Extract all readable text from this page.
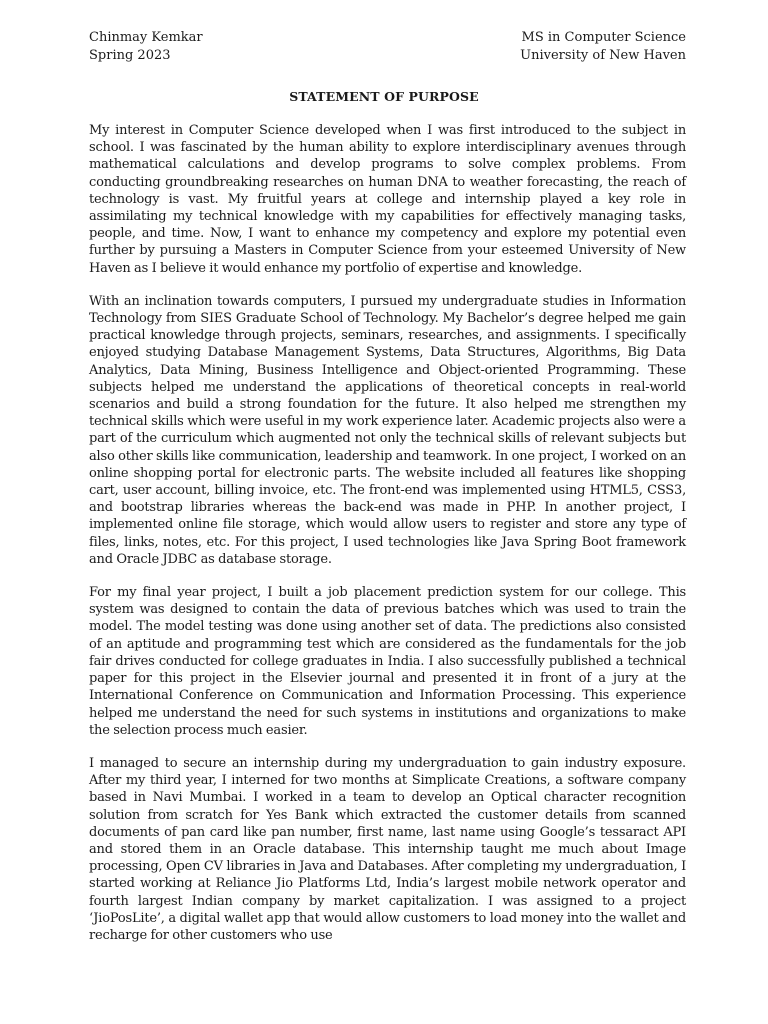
Chinmay Kemkar
Spring 2023
MS in Computer Science
University of New Haven
STATEMENT OF PURPOSE

My interest in Computer Science developed when I was first introduced to the subject in school. I was fascinated by the human ability to explore interdisciplinary avenues through mathematical calculations and develop programs to solve complex problems. From conducting groundbreaking researches on human DNA to weather forecasting, the reach of technology is vast. My fruitful years at college and internship played a key role in assimilating my technical knowledge with my capabilities for effectively managing tasks, people, and time. Now, I want to enhance my competency and explore my potential even further by pursuing a Masters in Computer Science from your esteemed University of New Haven as I believe it would enhance my portfolio of expertise and knowledge.

With an inclination towards computers, I pursued my undergraduate studies in Information Technology from SIES Graduate School of Technology. My Bachelor’s degree helped me gain practical knowledge through projects, seminars, researches, and assignments. I specifically enjoyed studying Database Management Systems, Data Structures, Algorithms, Big Data Analytics, Data Mining, Business Intelligence and Object-oriented Programming. These subjects helped me understand the applications of theoretical concepts in real-world scenarios and build a strong foundation for the future. It also helped me strengthen my technical skills which were useful in my work experience later. Academic projects also were a part of the curriculum which augmented not only the technical skills of relevant subjects but also other skills like communication, leadership and teamwork. In one project, I worked on an online shopping portal for electronic parts. The website included all features like shopping cart, user account, billing invoice, etc. The front-end was implemented using HTML5, CSS3, and bootstrap libraries whereas the back-end was made in PHP. In another project, I implemented online file storage, which would allow users to register and store any type of files, links, notes, etc. For this project, I used technologies like Java Spring Boot framework and Oracle JDBC as database storage.

For my final year project, I built a job placement prediction system for our college. This system was designed to contain the data of previous batches which was used to train the model. The model testing was done using another set of data. The predictions also consisted of an aptitude and programming test which are considered as the fundamentals for the job fair drives conducted for college graduates in India. I also successfully published a technical paper for this project in the Elsevier journal and presented it in front of a jury at the International Conference on Communication and Information Processing. This experience helped me understand the need for such systems in institutions and organizations to make the selection process much easier.

I managed to secure an internship during my undergraduation to gain industry exposure. After my third year, I interned for two months at Simplicate Creations, a software company based in Navi Mumbai. I worked in a team to develop an Optical character recognition solution from scratch for Yes Bank which extracted the customer details from scanned documents of pan card like pan number, first name, last name using Google’s tessaract API and stored them in an Oracle database. This internship taught me much about Image processing, Open CV libraries in Java and Databases. After completing my undergraduation, I started working at Reliance Jio Platforms Ltd, India’s largest mobile network operator and fourth largest Indian company by market capitalization. I was assigned to a project ‘JioPosLite’, a digital wallet app that would allow customers to load money into the wallet and recharge for other customers who use
